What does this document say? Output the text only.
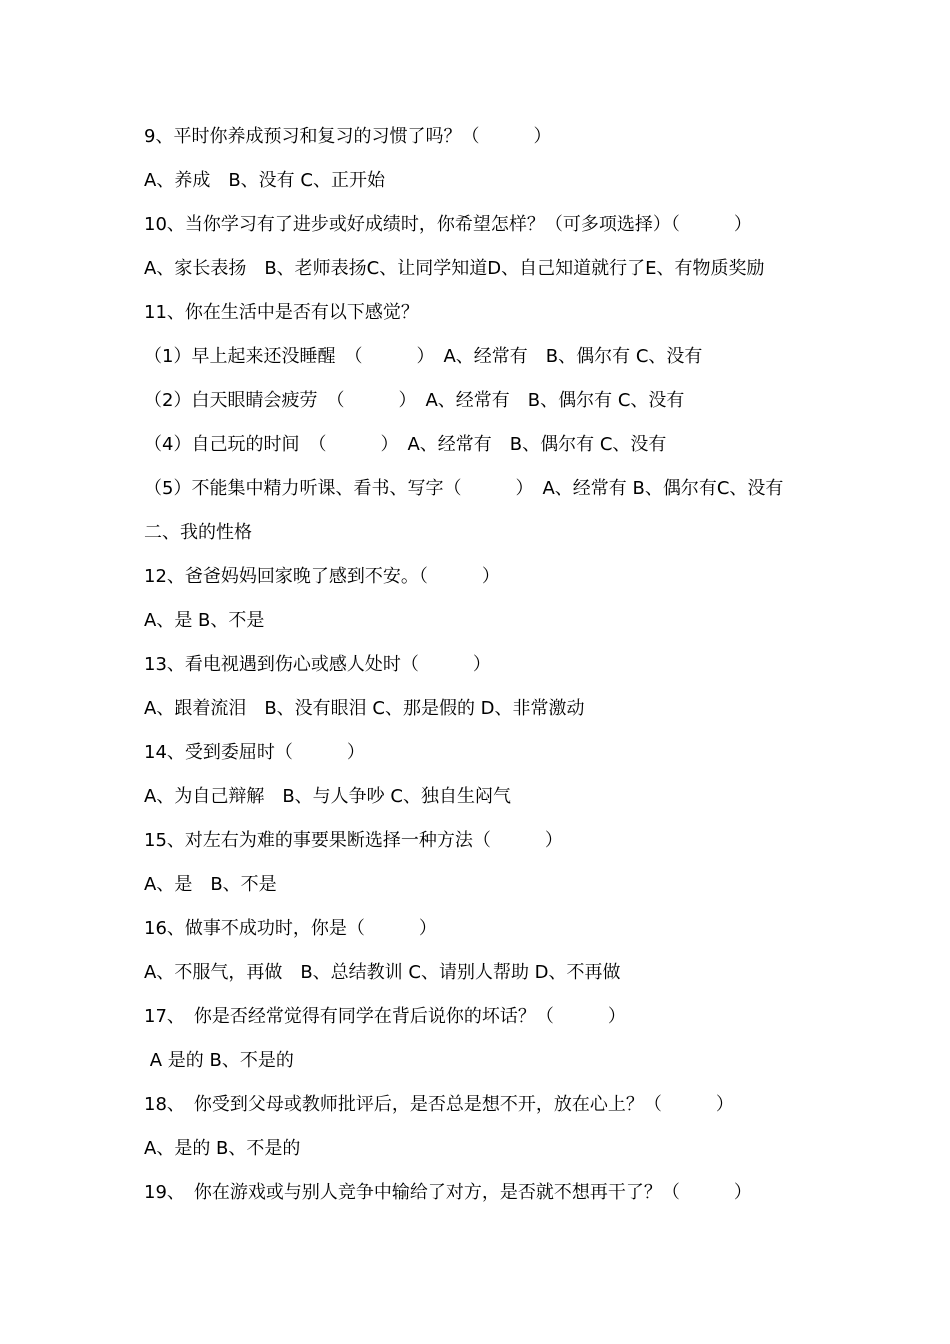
9、平时你养成预习和复习的习惯了吗？（　　　）
A、养成　B、没有 C、正开始
10、当你学习有了进步或好成绩时，你希望怎样？（可多项选择）（　　　）
A、家长表扬　B、老师表扬C、让同学知道D、自己知道就行了E、有物质奖励
11、你在生活中是否有以下感觉？
（1）早上起来还没睡醒　（　　　）　A、经常有　B、偶尔有 C、没有
（2）白天眼睛会疲劳　（　　　）　A、经常有　B、偶尔有 C、没有
（4）自己玩的时间　（　　　）　A、经常有　B、偶尔有 C、没有
（5）不能集中精力听课、看书、写字（　　　）　A、经常有 B、偶尔有C、没有
二、我的性格
12、爸爸妈妈回家晚了感到不安。（　　　）
A、是 B、不是
13、看电视遇到伤心或感人处时（　　　）
A、跟着流泪　B、没有眼泪 C、那是假的 D、非常激动
14、受到委屈时（　　　）
A、为自己辩解　B、与人争吵 C、独自生闷气
15、对左右为难的事要果断选择一种方法（　　　）
A、是　B、不是
16、做事不成功时，你是（　　　）
A、不服气，再做　B、总结教训 C、请别人帮助 D、不再做
17、　你是否经常觉得有同学在背后说你的坏话？（　　　）
A 是的 B、不是的
18、　你受到父母或教师批评后，是否总是想不开，放在心上？（　　　）
A、是的 B、不是的
19、　你在游戏或与别人竞争中输给了对方，是否就不想再干了？（　　　）
